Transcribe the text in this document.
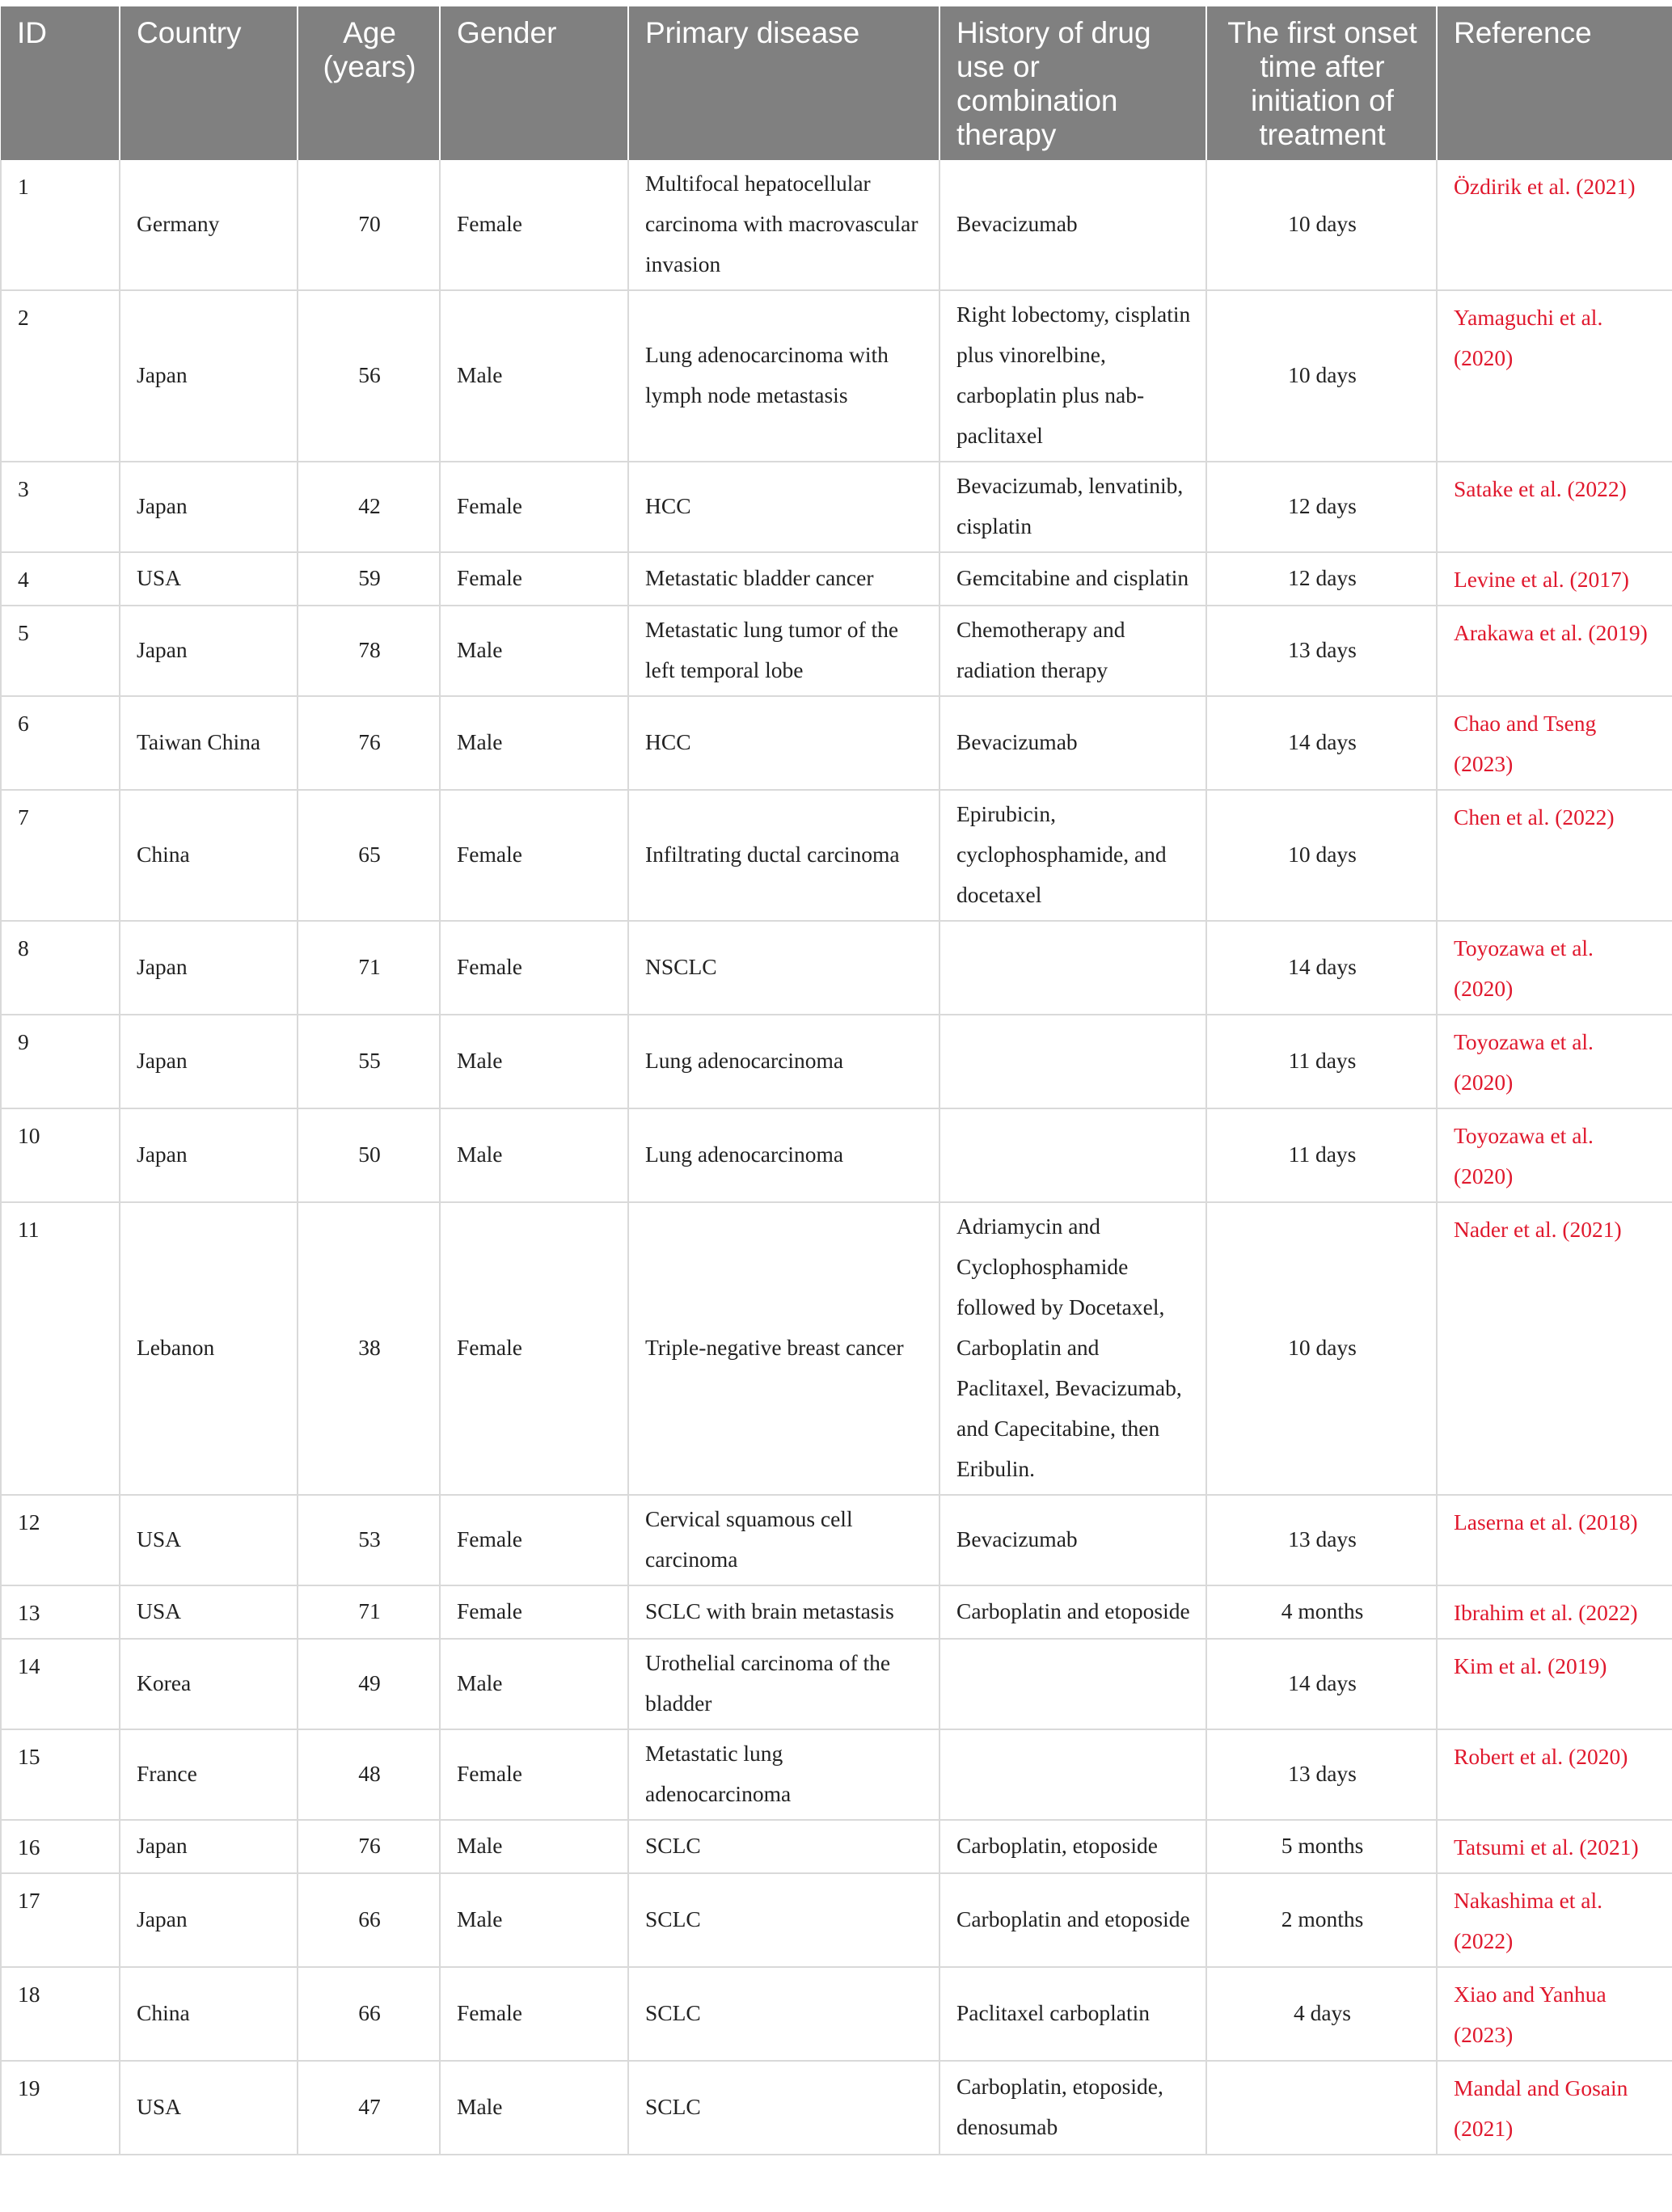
ID	Country	Age (years)	Gender	Primary disease	History of drug use or combination therapy	The first onset time after initiation of treatment	Reference
1	Germany	70	Female	Multifocal hepatocellular carcinoma with macrovascular invasion	Bevacizumab	10 days	Özdirik et al. (2021)
2	Japan	56	Male	Lung adenocarcinoma with lymph node metastasis	Right lobectomy, cisplatin plus vinorelbine, carboplatin plus nab-paclitaxel	10 days	Yamaguchi et al. (2020)
3	Japan	42	Female	HCC	Bevacizumab, lenvatinib, cisplatin	12 days	Satake et al. (2022)
4	USA	59	Female	Metastatic bladder cancer	Gemcitabine and cisplatin	12 days	Levine et al. (2017)
5	Japan	78	Male	Metastatic lung tumor of the left temporal lobe	Chemotherapy and radiation therapy	13 days	Arakawa et al. (2019)
6	Taiwan China	76	Male	HCC	Bevacizumab	14 days	Chao and Tseng (2023)
7	China	65	Female	Infiltrating ductal carcinoma	Epirubicin, cyclophosphamide, and docetaxel	10 days	Chen et al. (2022)
8	Japan	71	Female	NSCLC		14 days	Toyozawa et al. (2020)
9	Japan	55	Male	Lung adenocarcinoma		11 days	Toyozawa et al. (2020)
10	Japan	50	Male	Lung adenocarcinoma		11 days	Toyozawa et al. (2020)
11	Lebanon	38	Female	Triple-negative breast cancer	Adriamycin and Cyclophosphamide followed by Docetaxel, Carboplatin and Paclitaxel, Bevacizumab, and Capecitabine, then Eribulin.	10 days	Nader et al. (2021)
12	USA	53	Female	Cervical squamous cell carcinoma	Bevacizumab	13 days	Laserna et al. (2018)
13	USA	71	Female	SCLC with brain metastasis	Carboplatin and etoposide	4 months	Ibrahim et al. (2022)
14	Korea	49	Male	Urothelial carcinoma of the bladder		14 days	Kim et al. (2019)
15	France	48	Female	Metastatic lung adenocarcinoma		13 days	Robert et al. (2020)
16	Japan	76	Male	SCLC	Carboplatin, etoposide	5 months	Tatsumi et al. (2021)
17	Japan	66	Male	SCLC	Carboplatin and etoposide	2 months	Nakashima et al. (2022)
18	China	66	Female	SCLC	Paclitaxel carboplatin	4 days	Xiao and Yanhua (2023)
19	USA	47	Male	SCLC	Carboplatin, etoposide, denosumab		Mandal and Gosain (2021)
